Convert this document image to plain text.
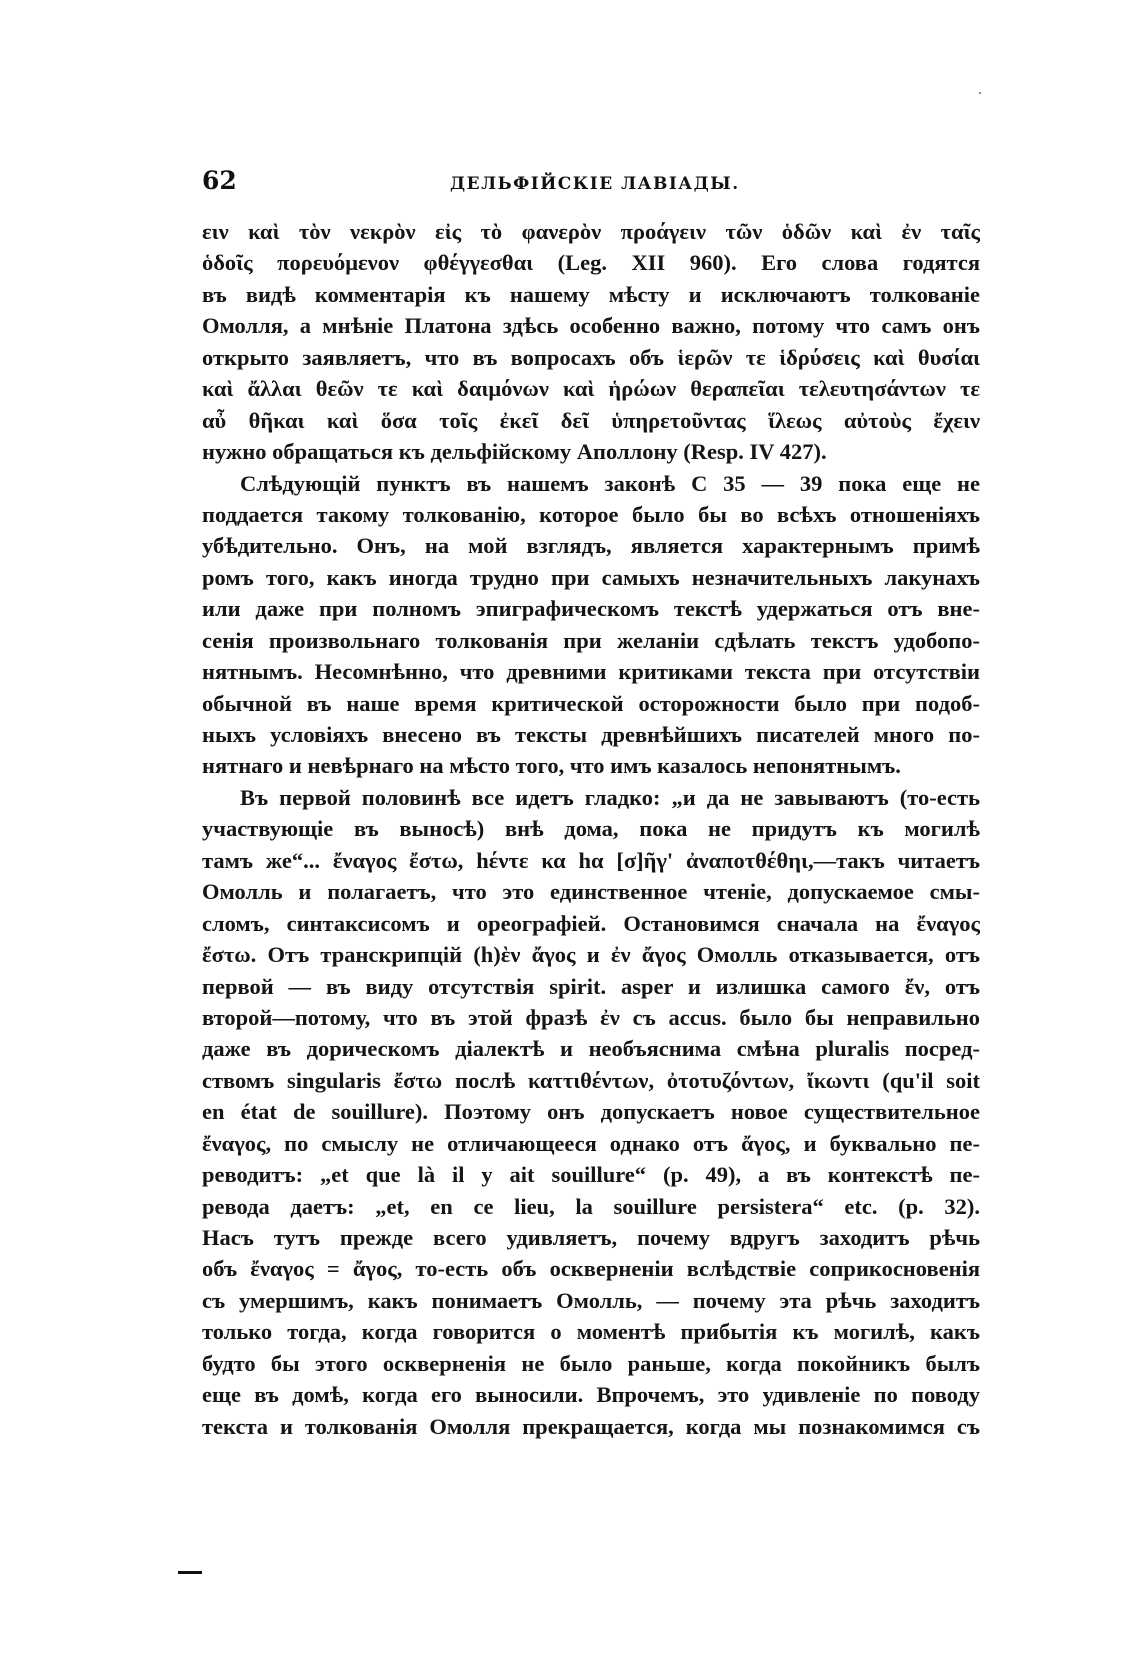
62	ДЕЛЬФІЙСКІЕ ЛАВІАДЫ.
ειν καὶ τὸν νεκρὸν εἰς τὸ φανερὸν προάγειν τῶν ὁδῶν καὶ ἐν ταῖς
ὁδοῖς πορευόμενον φθέγγεσθαι (Leg. XII 960). Его слова годятся
въ видѣ комментарія къ нашему мѣсту и исключаютъ толкованіе
Омолля, а мнѣніе Платона здѣсь особенно важно, потому что самъ онъ
открыто заявляетъ, что въ вопросахъ объ ἱερῶν τε ἱδρύσεις καὶ θυσίαι
καὶ ἄλλαι θεῶν τε καὶ δαιμόνων καὶ ἡρώων θεραπεῖαι τελευτησάντων τε
αὖ θῆκαι καὶ ὅσα τοῖς ἐκεῖ δεῖ ὑπηρετοῦντας ἵλεως αὐτοὺς ἔχειν
нужно обращаться къ дельфійскому Аполлону (Resp. IV 427).
Слѣдующій пунктъ въ нашемъ законѣ С 35 — 39 пока еще не
поддается такому толкованію, которое было бы во всѣхъ отношеніяхъ
убѣдительно. Онъ, на мой взглядъ, является характернымъ примѣ
ромъ того, какъ иногда трудно при самыхъ незначительныхъ лакунахъ
или даже при полномъ эпиграфическомъ текстѣ удержаться отъ вне-
сенія произвольнаго толкованія при желаніи сдѣлать текстъ удобопо-
нятнымъ. Несомнѣнно, что древними критиками текста при отсутствіи
обычной въ наше время критической осторожности было при подоб-
ныхъ условіяхъ внесено въ тексты древнѣйшихъ писателей много по-
нятнаго и невѣрнаго на мѣсто того, что имъ казалось непонятнымъ.
Въ первой половинѣ все идетъ гладко: „и да не завываютъ (то-есть
участвующіе въ выносѣ) внѣ дома, пока не придутъ къ могилѣ
тамъ же“... ἔναγος ἔστω, hέντε κα hα [σ]ῆγ' ἀναποτθέθηι,—такъ читаетъ
Омолль и полагаетъ, что это единственное чтеніе, допускаемое смы-
сломъ, синтаксисомъ и ореографіей. Остановимся сначала на ἔναγος
ἔστω. Отъ транскрипцій (h)ὲν ἄγος и ἐν ἄγος Омолль отказывается, отъ
первой — въ виду отсутствія spirit. asper и излишка самого ἔν, отъ
второй—потому, что въ этой фразѣ ἐν съ accus. было бы неправильно
даже въ дорическомъ діалектѣ и необъяснима смѣна pluralis посред-
ствомъ singularis ἔστω послѣ καττιθέντων, ὀτοτυζόντων, ἴκωντι (qu'il soit
en état de souillure). Поэтому онъ допускаетъ новое существительное
ἔναγος, по смыслу не отличающееся однако отъ ἄγος, и буквально пе-
реводитъ: „et que là il y ait souillure“ (p. 49), а въ контекстѣ пе-
ревода даетъ: „et, en ce lieu, la souillure persistera“ etc. (p. 32).
Насъ тутъ прежде всего удивляетъ, почему вдругъ заходитъ рѣчь
объ ἔναγος = ἄγος, то-есть объ оскверненіи вслѣдствіе соприкосновенія
съ умершимъ, какъ понимаетъ Омолль, — почему эта рѣчь заходитъ
только тогда, когда говорится о моментѣ прибытія къ могилѣ, какъ
будто бы этого оскверненія не было раньше, когда покойникъ былъ
еще въ домѣ, когда его выносили. Впрочемъ, это удивленіе по поводу
текста и толкованія Омолля прекращается, когда мы познакомимся съ
